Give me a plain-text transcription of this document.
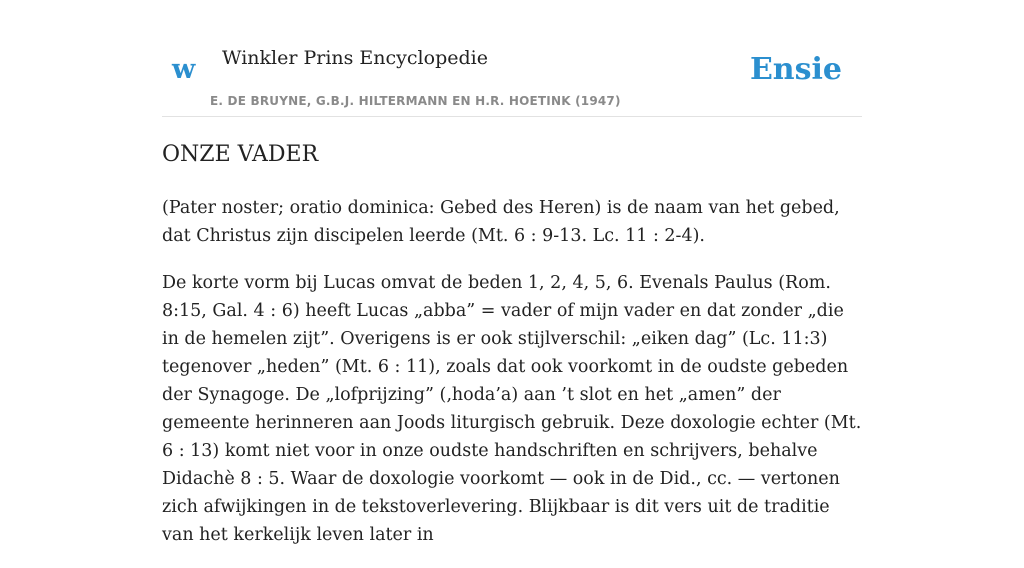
w Winkler Prins Encyclopedie
E. DE BRUYNE, G.B.J. HILTERMANN EN H.R. HOETINK (1947)
Ensie
ONZE VADER

(Pater noster; oratio dominica: Gebed des Heren) is de naam van het gebed, dat Christus zijn discipelen leerde (Mt. 6 : 9-13. Lc. 11 : 2-4).

De korte vorm bij Lucas omvat de beden 1, 2, 4, 5, 6. Evenals Paulus (Rom. 8:15, Gal. 4 : 6) heeft Lucas „abba” = vader of mijn vader en dat zonder „die in de hemelen zijt”. Overigens is er ook stijlverschil: „eiken dag” (Lc. 11:3) tegenover „heden” (Mt. 6 : 11), zoals dat ook voorkomt in de oudste gebeden der Synagoge. De „lofprijzing” (‚hoda’a) aan ’t slot en het „amen” der gemeente herinneren aan Joods liturgisch gebruik. Deze doxologie echter (Mt. 6 : 13) komt niet voor in onze oudste handschriften en schrijvers, behalve Didachè 8 : 5. Waar de doxologie voorkomt — ook in de Did., cc. — vertonen zich afwijkingen in de tekstoverlevering. Blijkbaar is dit vers uit de traditie van het kerkelijk leven later in
